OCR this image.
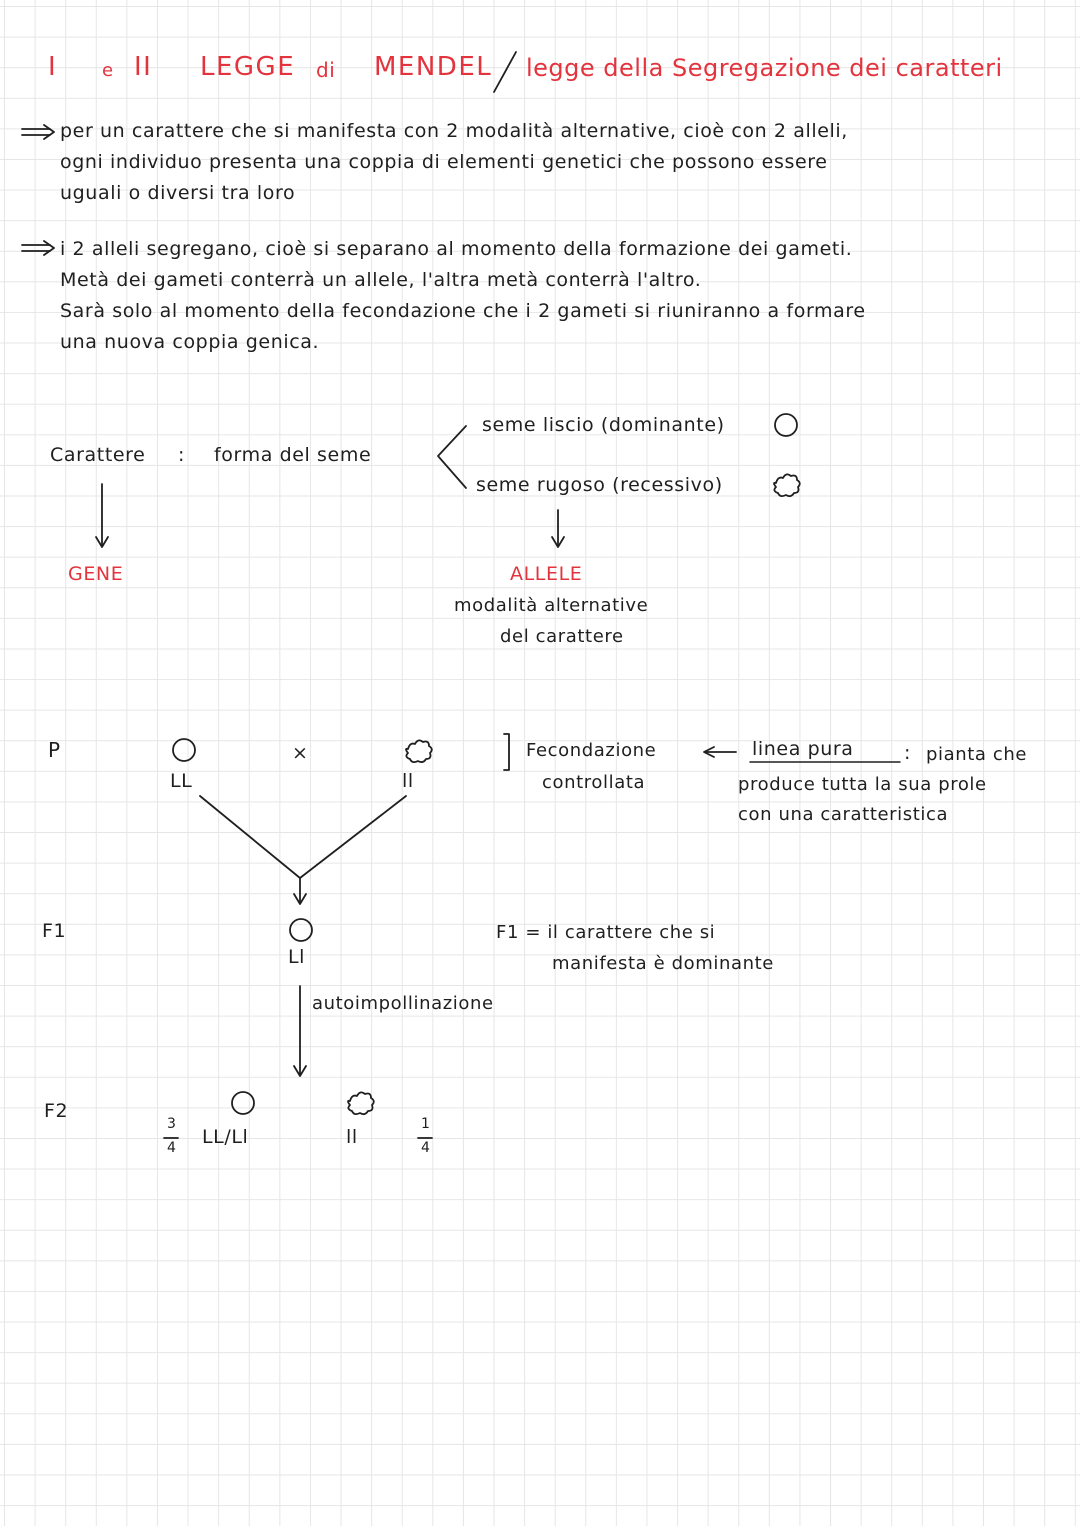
I e II LEGGE di MENDEL legge della Segregazione dei caratteri
per un carattere che si manifesta con 2 modalità alternative, cioè con 2 alleli,
ogni individuo presenta una coppia di elementi genetici che possono essere
uguali o diversi tra loro
i 2 alleli segregano, cioè si separano al momento della formazione dei gameti.
Metà dei gameti conterrà un allele, l'altra metà conterrà l'altro.
Sarà solo al momento della fecondazione che i 2 gameti si riuniranno a formare
una nuova coppia genica.
Carattere : forma del seme
seme liscio (dominante)
seme rugoso (recessivo)
GENE	ALLELE
modalità alternative
del carattere
P
LL
×
ll
Fecondazione
controllata
linea pura	: pianta che
produce tutta la sua prole
con una caratteristica
F1
Ll
F1 = il carattere che si
manifesta è dominante
autoimpollinazione
F2
3
4 LL/Ll	ll
1
4
